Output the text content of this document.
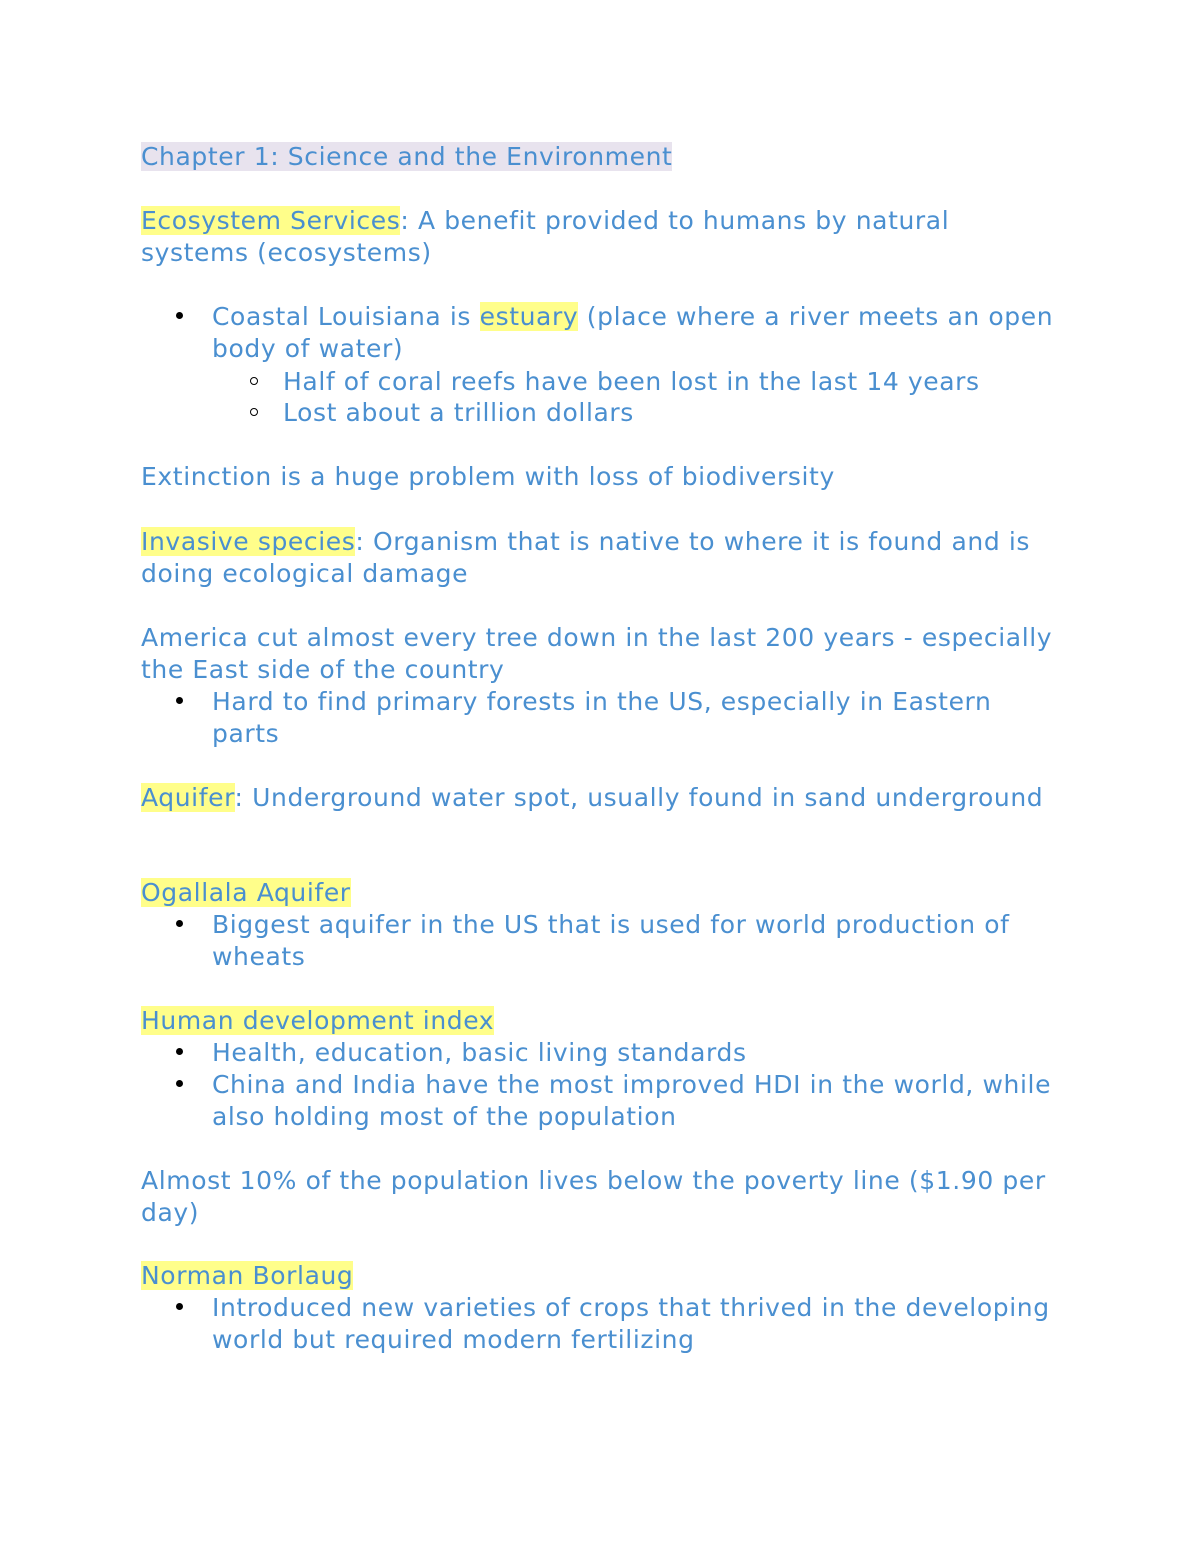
Chapter 1: Science and the Environment
Ecosystem Services: A benefit provided to humans by natural systems (ecosystems)
Coastal Louisiana is estuary (place where a river meets an open body of water)
Half of coral reefs have been lost in the last 14 years
Lost about a trillion dollars
Extinction is a huge problem with loss of biodiversity
Invasive species: Organism that is native to where it is found and is doing ecological damage
America cut almost every tree down in the last 200 years - especially the East side of the country
Hard to find primary forests in the US, especially in Eastern parts
Aquifer: Underground water spot, usually found in sand underground
Ogallala Aquifer
Biggest aquifer in the US that is used for world production of wheats
Human development index
Health, education, basic living standards
China and India have the most improved HDI in the world, while also holding most of the population
Almost 10% of the population lives below the poverty line ($1.90 per day)
Norman Borlaug
Introduced new varieties of crops that thrived in the developing world but required modern fertilizing
